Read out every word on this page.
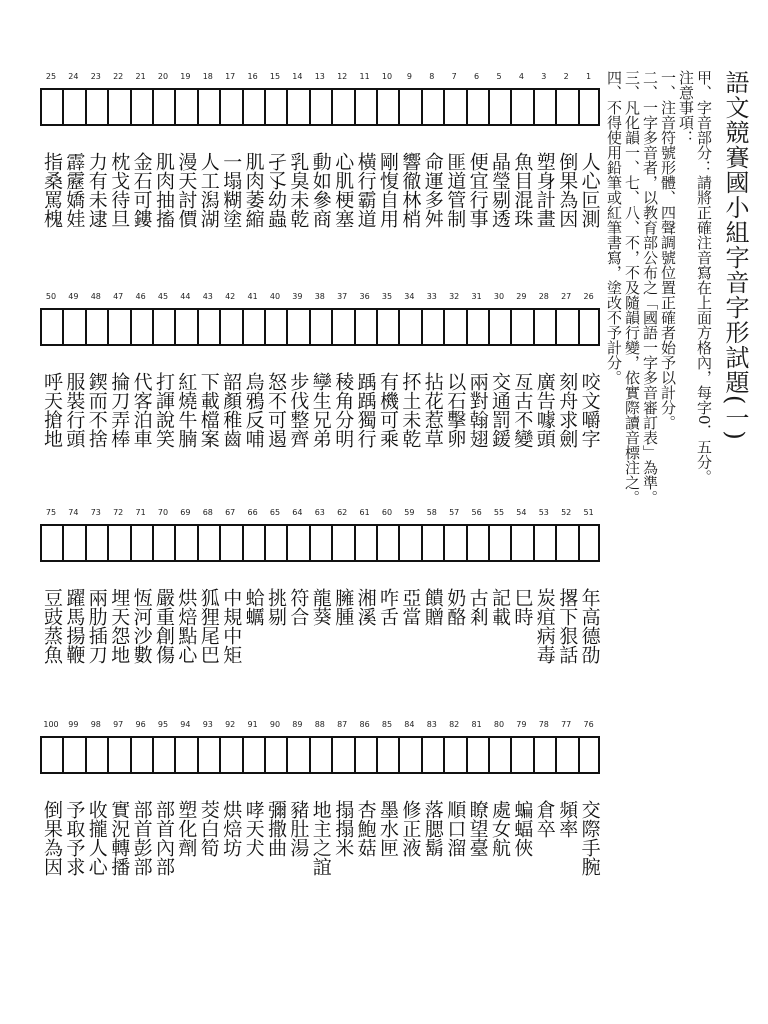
語文競賽國小組字音字形試題(一)
甲、字音部分：請將正確注音寫在上面方格內，每字0．五分。
注意事項：
一、注音符號形體、四聲調號位置正確者始予以計分。
二、一字多音者，以教育部公布之「國語一字多音審訂表」為準。
三、凡化韻一、七、八、不，不及隨韻行變，依實際讀音標注之。
四、不得使用鉛筆或紅筆書寫，塗改不予計分。
1
人心叵測
2
倒果為因
3
塑身計畫
4
魚目混珠
5
晶瑩剔透
6
便宜行事
7
匪道管制
8
命運多舛
9
響徹林梢
10
剛愎自用
11
橫行霸道
12
心肌梗塞
13
動如參商
14
乳臭未乾
15
孑孓幼蟲
16
肌肉萎縮
17
一塌糊塗
18
人工潟湖
19
漫天討價
20
肌肉抽搐
21
金石可鏤
22
枕戈待旦
23
力有未逮
24
霹靂嬌娃
25
指桑罵槐
26
咬文嚼字
27
刻舟求劍
28
廣告噱頭
29
亙古不變
30
交通罰鍰
31
兩對翰翅
32
以石擊卵
33
拈花惹草
34
抔土未乾
35
有機可乘
36
踽踽獨行
37
稜角分明
38
孿生兄弟
39
步伐整齊
40
怒不可遏
41
烏鴉反哺
42
韶顏稚齒
43
下載檔案
44
紅燒牛腩
45
打諢說笑
46
代客泊車
47
掄刀弄棒
48
鍥而不捨
49
服裝行頭
50
呼天搶地
51
年高德劭
52
撂下狠話
53
炭疽病毒
54
巳時
55
記載
56
古剎
57
奶酪
58
饋贈
59
亞當
60
咋舌
61
湘溪
62
臃腫
63
龍葵
64
符合
65
挑剔
66
蛤蠣
67
中規中矩
68
狐狸尾巴
69
烘焙點心
70
嚴重創傷
71
恆河沙數
72
埋天怨地
73
兩肋插刀
74
躍馬揚鞭
75
豆豉蒸魚
76
交際手腕
77
頻率
78
倉卒
79
蝙蝠俠
80
處女航
81
瞭望臺
82
順口溜
83
落腮鬍
84
修正液
85
墨水匣
86
杏鮑菇
87
搨搨米
88
地主之誼
89
豬肚湯
90
彌撒曲
91
哮天犬
92
烘焙坊
93
茭白筍
94
塑化劑
95
部首內部
96
部首彭部
97
實況轉播
98
收攏人心
99
予取予求
100
倒果為因
